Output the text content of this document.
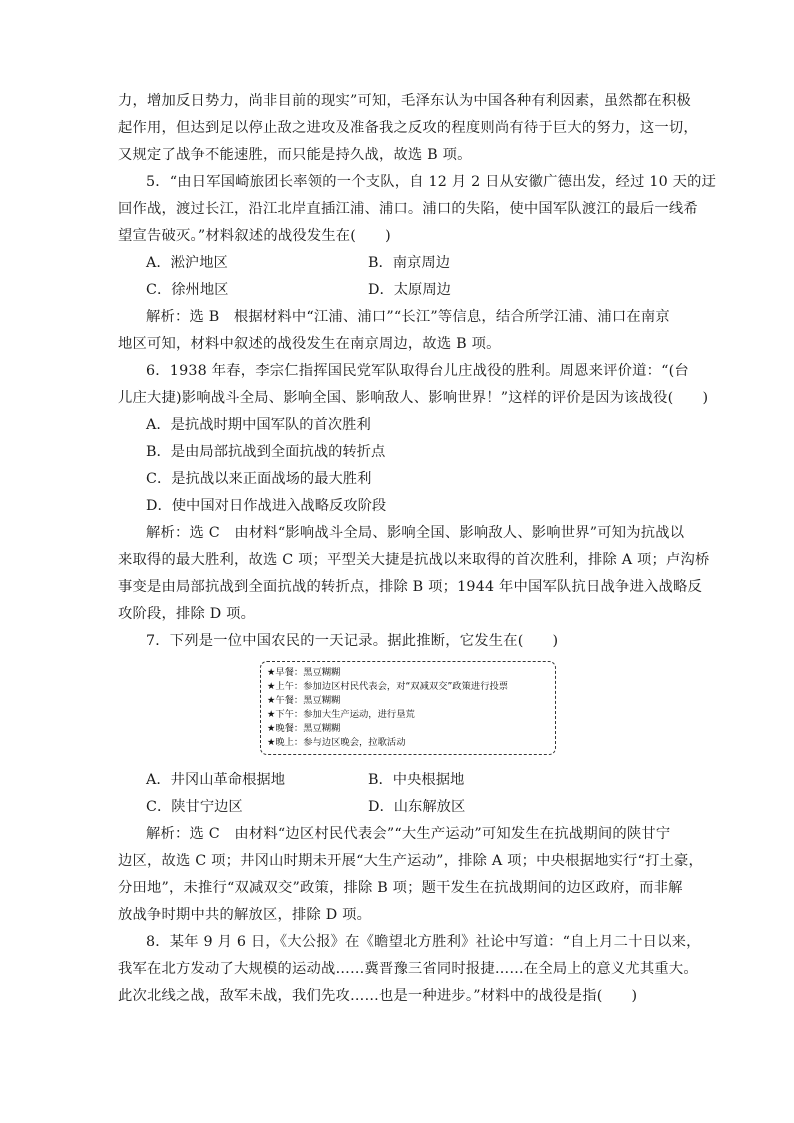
力，增加反日势力，尚非目前的现实”可知，毛泽东认为中国各种有利因素，虽然都在积极
起作用，但达到足以停止敌之进攻及准备我之反攻的程度则尚有待于巨大的努力，这一切，
又规定了战争不能速胜，而只能是持久战，故选 B 项。
5．“由日军国崎旅团长率领的一个支队，自 12 月 2 日从安徽广德出发，经过 10 天的迂
回作战，渡过长江，沿江北岸直插江浦、浦口。浦口的失陷，使中国军队渡江的最后一线希
望宣告破灭。”材料叙述的战役发生在(　　)
A．淞沪地区	B．南京周边
C．徐州地区	D．太原周边
解析：选 B　根据材料中“江浦、浦口”“长江”等信息，结合所学江浦、浦口在南京
地区可知，材料中叙述的战役发生在南京周边，故选 B 项。
6．1938 年春，李宗仁指挥国民党军队取得台儿庄战役的胜利。周恩来评价道：“(台
儿庄大捷)影响战斗全局、影响全国、影响敌人、影响世界！”这样的评价是因为该战役(　　)
A．是抗战时期中国军队的首次胜利
B．是由局部抗战到全面抗战的转折点
C．是抗战以来正面战场的最大胜利
D．使中国对日作战进入战略反攻阶段
解析：选 C　由材料“影响战斗全局、影响全国、影响敌人、影响世界”可知为抗战以
来取得的最大胜利，故选 C 项；平型关大捷是抗战以来取得的首次胜利，排除 A 项；卢沟桥
事变是由局部抗战到全面抗战的转折点，排除 B 项；1944 年中国军队抗日战争进入战略反
攻阶段，排除 D 项。
7．下列是一位中国农民的一天记录。据此推断，它发生在(　　)
★早餐：黑豆糊糊
★上午：参加边区村民代表会，对“双减双交”政策进行投票
★午餐：黑豆糊糊
★下午：参加大生产运动，进行垦荒
★晚餐：黑豆糊糊
★晚上：参与边区晚会，拉歌活动
A．井冈山革命根据地	B．中央根据地
C．陕甘宁边区	D．山东解放区
解析：选 C　由材料“边区村民代表会”“大生产运动”可知发生在抗战期间的陕甘宁
边区，故选 C 项；井冈山时期未开展“大生产运动”，排除 A 项；中央根据地实行“打土豪，
分田地”，未推行“双减双交”政策，排除 B 项；题干发生在抗战期间的边区政府，而非解
放战争时期中共的解放区，排除 D 项。
8．某年 9 月 6 日，《大公报》在《瞻望北方胜利》社论中写道：“自上月二十日以来，
我军在北方发动了大规模的运动战……冀晋豫三省同时报捷……在全局上的意义尤其重大。
此次北线之战，敌军未战，我们先攻……也是一种进步。”材料中的战役是指(　　)
